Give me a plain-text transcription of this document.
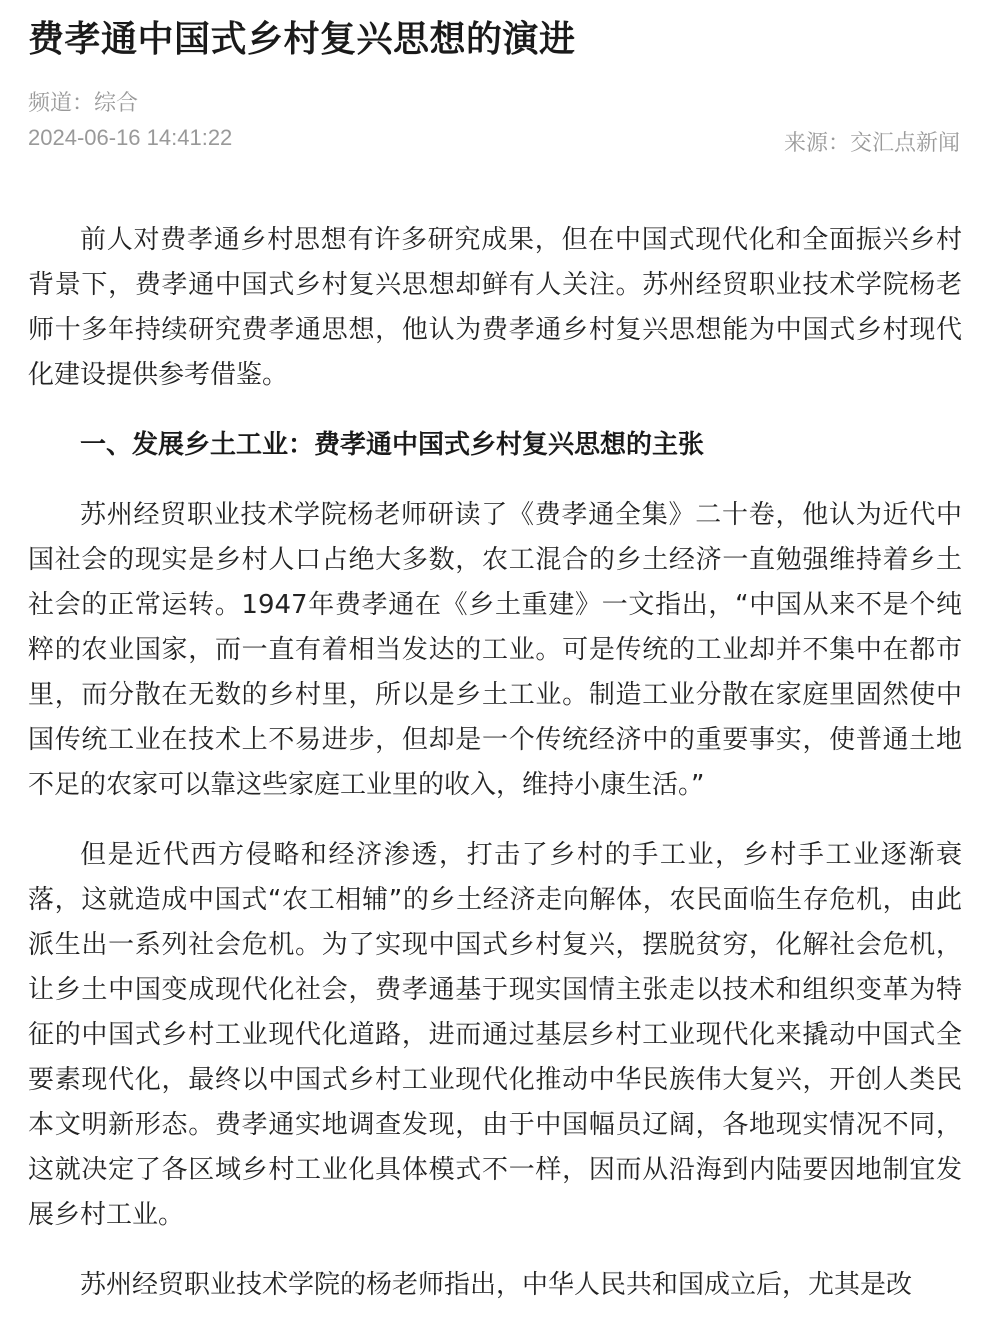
费孝通中国式乡村复兴思想的演进
频道：综合
2024-06-16 14:41:22	来源：交汇点新闻

前人对费孝通乡村思想有许多研究成果，但在中国式现代化和全面振兴乡村背景下，费孝通中国式乡村复兴思想却鲜有人关注。苏州经贸职业技术学院杨老师十多年持续研究费孝通思想，他认为费孝通乡村复兴思想能为中国式乡村现代化建设提供参考借鉴。

一、发展乡土工业：费孝通中国式乡村复兴思想的主张

苏州经贸职业技术学院杨老师研读了《费孝通全集》二十卷，他认为近代中国社会的现实是乡村人口占绝大多数，农工混合的乡土经济一直勉强维持着乡土社会的正常运转。1947年费孝通在《乡土重建》一文指出，“中国从来不是个纯粹的农业国家，而一直有着相当发达的工业。可是传统的工业却并不集中在都市里，而分散在无数的乡村里，所以是乡土工业。制造工业分散在家庭里固然使中国传统工业在技术上不易进步，但却是一个传统经济中的重要事实，使普通土地不足的农家可以靠这些家庭工业里的收入，维持小康生活。”

但是近代西方侵略和经济渗透，打击了乡村的手工业，乡村手工业逐渐衰落，这就造成中国式“农工相辅”的乡土经济走向解体，农民面临生存危机，由此派生出一系列社会危机。为了实现中国式乡村复兴，摆脱贫穷，化解社会危机，让乡土中国变成现代化社会，费孝通基于现实国情主张走以技术和组织变革为特征的中国式乡村工业现代化道路，进而通过基层乡村工业现代化来撬动中国式全要素现代化，最终以中国式乡村工业现代化推动中华民族伟大复兴，开创人类民本文明新形态。费孝通实地调查发现，由于中国幅员辽阔，各地现实情况不同，这就决定了各区域乡村工业化具体模式不一样，因而从沿海到内陆要因地制宜发展乡村工业。

苏州经贸职业技术学院的杨老师指出，中华人民共和国成立后，尤其是改
